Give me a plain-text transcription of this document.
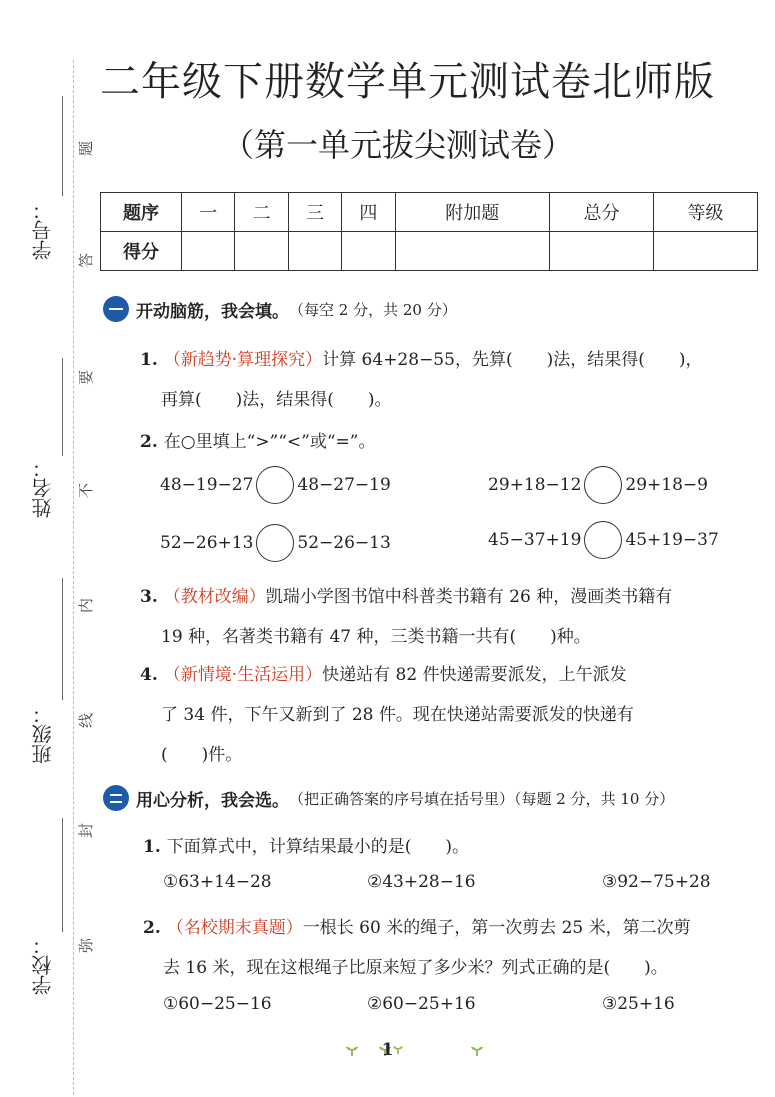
二年级下册数学单元测试卷北师版
（第一单元拔尖测试卷）
学号：
姓名：
班级：
学校：
题
答
要
不
内
线
封
弥
题序	一	二	三	四	附加题	总分	等级
得分							
开动脑筋，我会填。 （每空 2 分，共 20 分）
1. （新趋势·算理探究）计算 64+28−55，先算(　　)法，结果得(　　)，
再算(　　)法，结果得(　　)。
2. 在○里填上“>”“<”或“=”。
48−19−27	48−27−19	29+18−12	29+18−9
52−26+13	52−26−13	45−37+19	45+19−37
3. （教材改编）凯瑞小学图书馆中科普类书籍有 26 种，漫画类书籍有
19 种，名著类书籍有 47 种，三类书籍一共有(　　)种。
4. （新情境·生活运用）快递站有 82 件快递需要派发，上午派发
了 34 件，下午又新到了 28 件。现在快递站需要派发的快递有
(　　)件。
用心分析，我会选。 （把正确答案的序号填在括号里）（每题 2 分，共 10 分）
1. 下面算式中，计算结果最小的是(　　)。
①63+14−28	②43+28−16	③92−75+28
2. （名校期末真题）一根长 60 米的绳子，第一次剪去 25 米，第二次剪
去 16 米，现在这根绳子比原来短了多少米？列式正确的是(　　)。
①60−25−16	②60−25+16	③25+16
1
